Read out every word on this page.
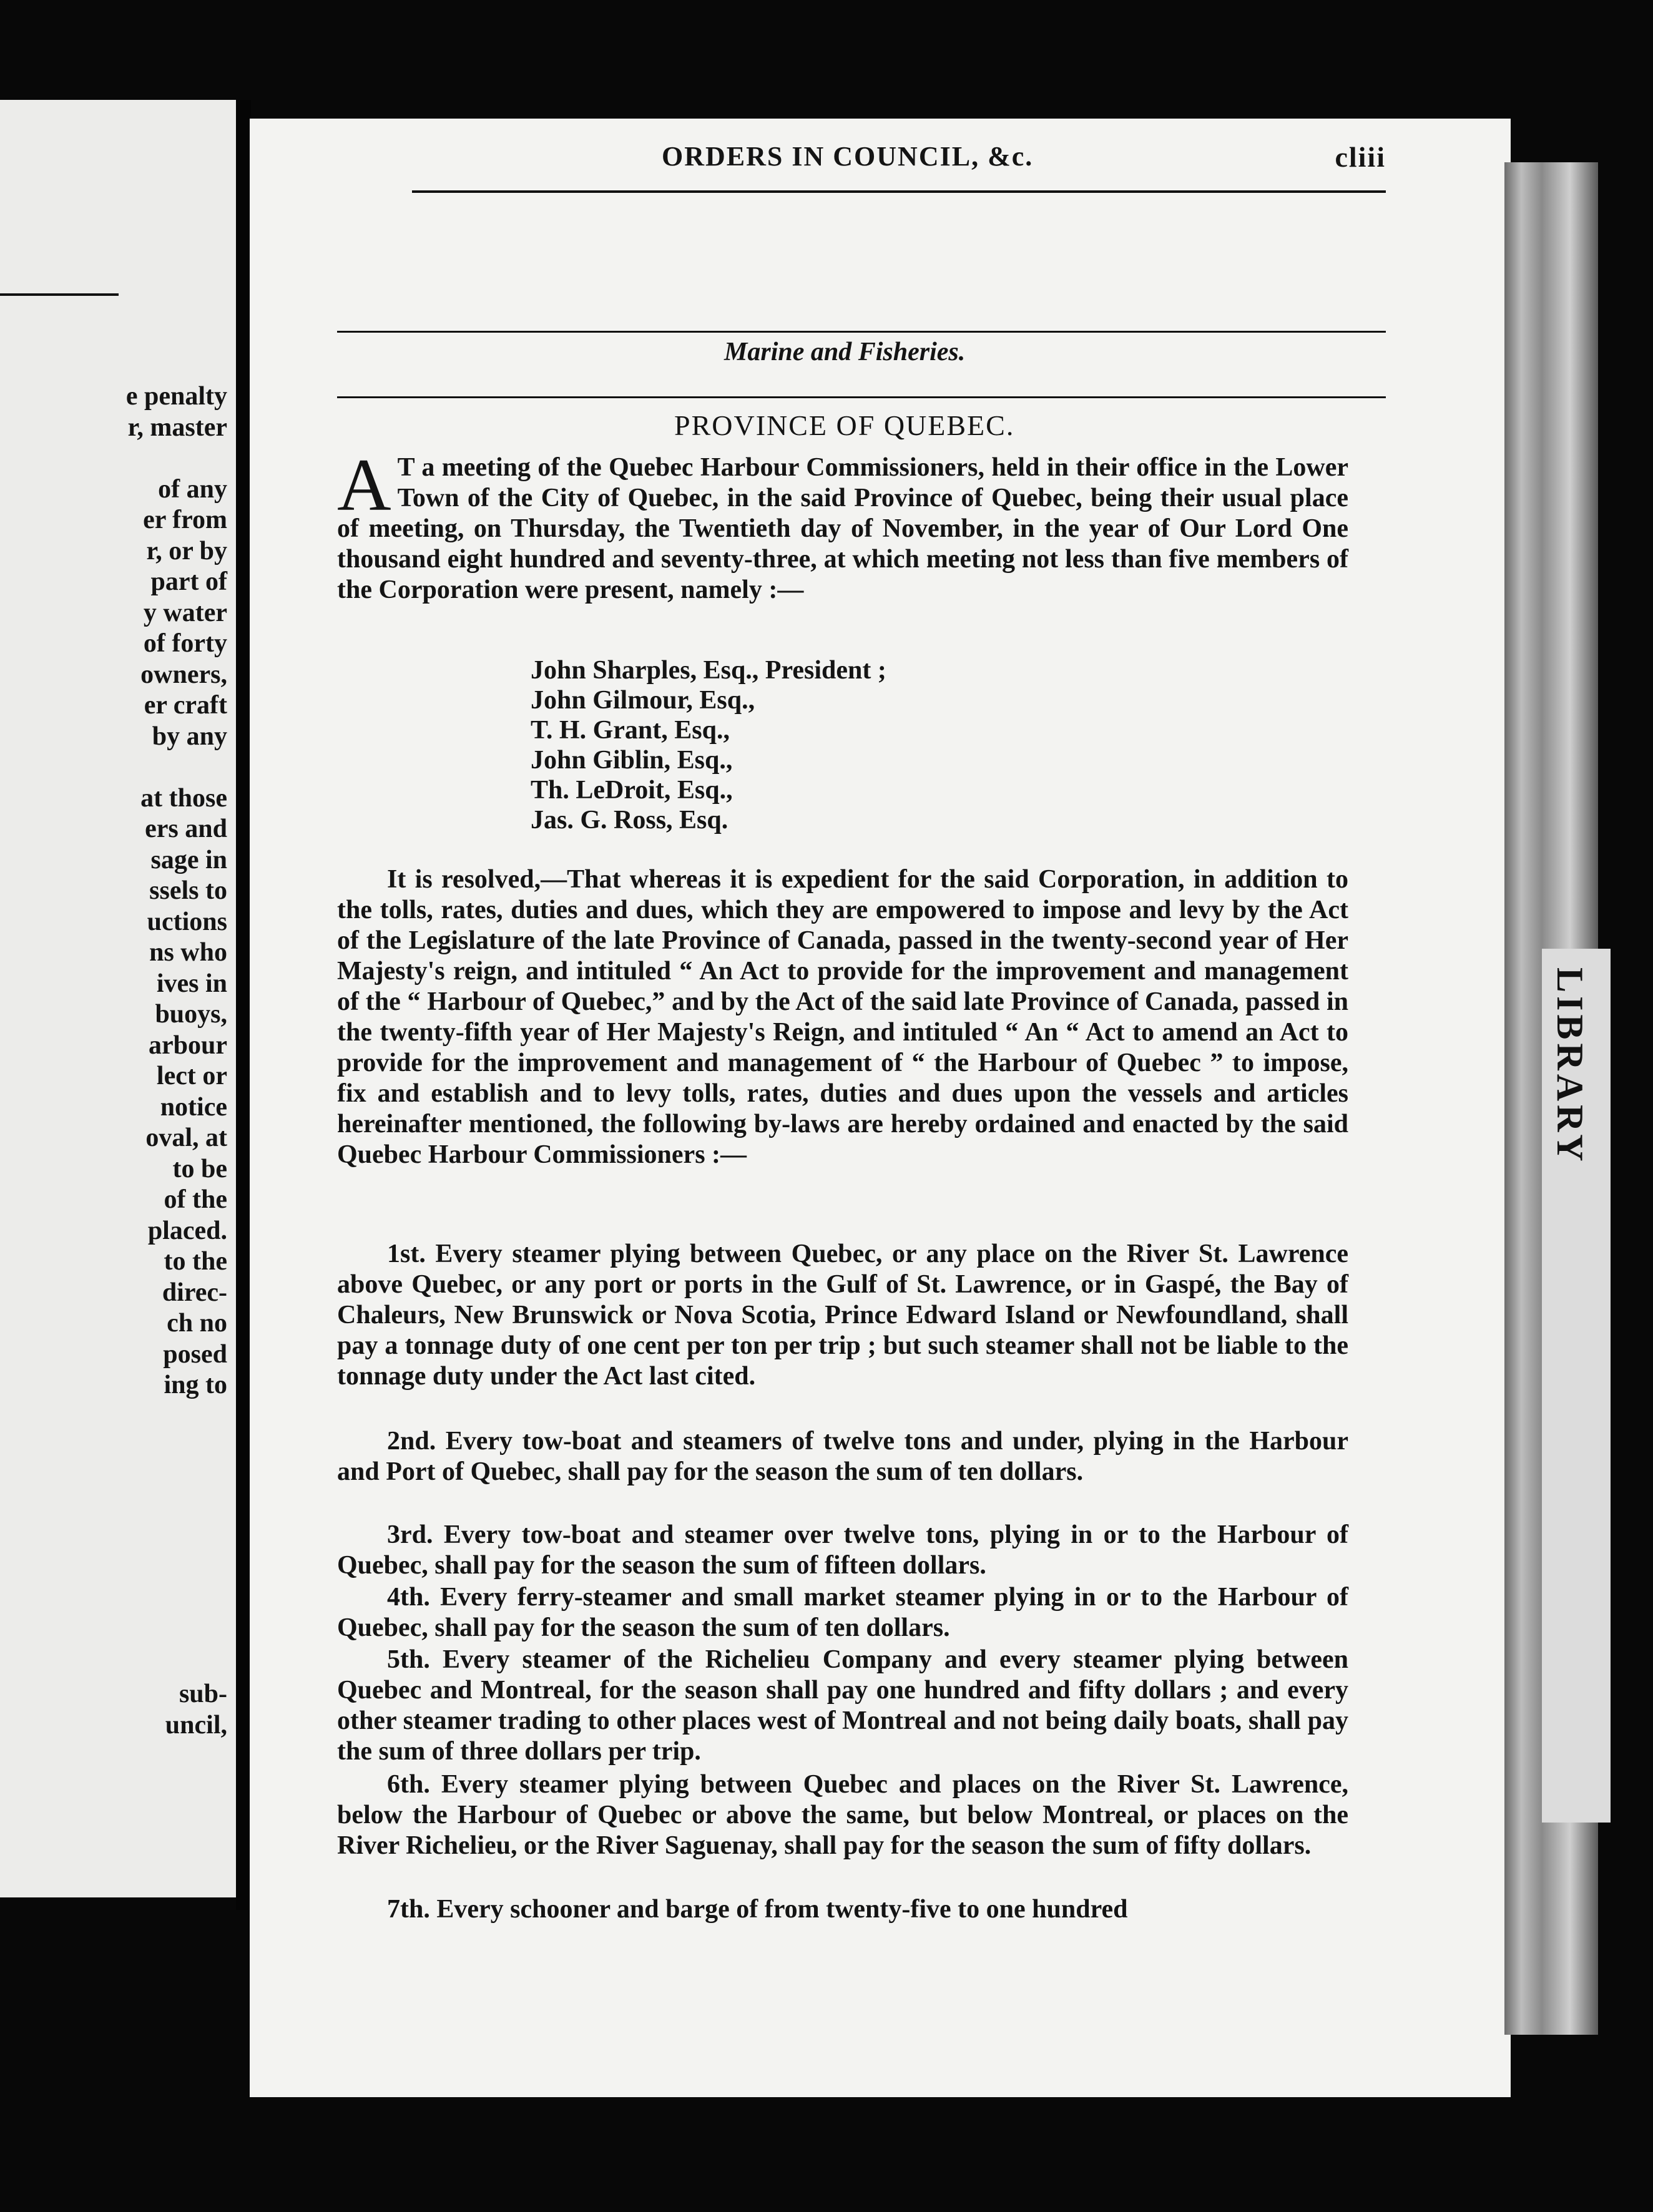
e penalty
r, master
of any
er from
r, or by
part of
y water
of forty
owners,
er craft
by any
at those
ers and
sage in
ssels to
uctions
ns who
ives in
buoys,
arbour
lect or
notice
oval, at
to be
of the
placed.
to the
direc-
ch no
posed
ing to
sub-
uncil,
LIBRARY
ORDERS IN COUNCIL, &c.	cliii
Marine and Fisheries.
PROVINCE OF QUEBEC.
A T a meeting of the Quebec Harbour Commissioners, held in their office in the Lower Town of the City of Quebec, in the said Province of Quebec, being their usual place of meeting, on Thursday, the Twentieth day of November, in the year of Our Lord One thousand eight hundred and seventy-three, at which meeting not less than five members of the Corporation were present, namely :—
John Sharples, Esq., President ;
John Gilmour, Esq.,
T. H. Grant, Esq.,
John Giblin, Esq.,
Th. LeDroit, Esq.,
Jas. G. Ross, Esq.
It is resolved,—That whereas it is expedient for the said Corporation, in addition to the tolls, rates, duties and dues, which they are empowered to impose and levy by the Act of the Legislature of the late Province of Canada, passed in the twenty-second year of Her Majesty's reign, and intituled “ An Act to provide for the improvement and management of the “ Harbour of Quebec,” and by the Act of the said late Province of Canada, passed in the twenty-fifth year of Her Majesty's Reign, and intituled “ An “ Act to amend an Act to provide for the improvement and management of “ the Harbour of Quebec ” to impose, fix and establish and to levy tolls, rates, duties and dues upon the vessels and articles hereinafter mentioned, the following by-laws are hereby ordained and enacted by the said Quebec Harbour Commissioners :—
1st. Every steamer plying between Quebec, or any place on the River St. Lawrence above Quebec, or any port or ports in the Gulf of St. Lawrence, or in Gaspé, the Bay of Chaleurs, New Brunswick or Nova Scotia, Prince Edward Island or Newfoundland, shall pay a tonnage duty of one cent per ton per trip ; but such steamer shall not be liable to the tonnage duty under the Act last cited.
2nd. Every tow-boat and steamers of twelve tons and under, plying in the Harbour and Port of Quebec, shall pay for the season the sum of ten dollars.
3rd. Every tow-boat and steamer over twelve tons, plying in or to the Harbour of Quebec, shall pay for the season the sum of fifteen dollars.
4th. Every ferry-steamer and small market steamer plying in or to the Harbour of Quebec, shall pay for the season the sum of ten dollars.
5th. Every steamer of the Richelieu Company and every steamer plying between Quebec and Montreal, for the season shall pay one hundred and fifty dollars ; and every other steamer trading to other places west of Montreal and not being daily boats, shall pay the sum of three dollars per trip.
6th. Every steamer plying between Quebec and places on the River St. Lawrence, below the Harbour of Quebec or above the same, but below Montreal, or places on the River Richelieu, or the River Saguenay, shall pay for the season the sum of fifty dollars.
7th. Every schooner and barge of from twenty-five to one hundred
